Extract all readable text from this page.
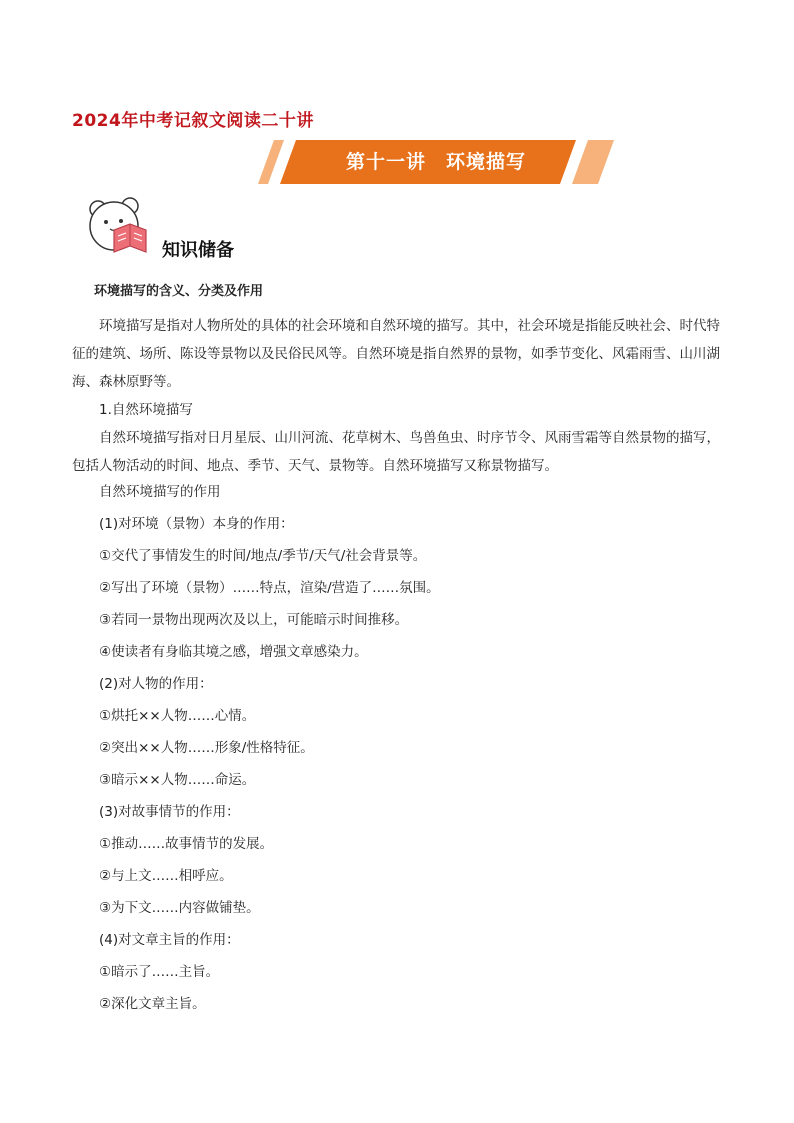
2024年中考记叙文阅读二十讲
第十一讲　环境描写
知识储备
环境描写的含义、分类及作用

环境描写是指对人物所处的具体的社会环境和自然环境的描写。其中，社会环境是指能反映社会、时代特征的建筑、场所、陈设等景物以及民俗民风等。自然环境是指自然界的景物，如季节变化、风霜雨雪、山川湖海、森林原野等。

1.自然环境描写

自然环境描写指对日月星辰、山川河流、花草树木、鸟兽鱼虫、时序节令、风雨雪霜等自然景物的描写，包括人物活动的时间、地点、季节、天气、景物等。自然环境描写又称景物描写。

自然环境描写的作用

(1)对环境（景物）本身的作用：

①交代了事情发生的时间/地点/季节/天气/社会背景等。

②写出了环境（景物）……特点，渲染/营造了……氛围。

③若同一景物出现两次及以上，可能暗示时间推移。

④使读者有身临其境之感，增强文章感染力。

(2)对人物的作用：

①烘托××人物……心情。

②突出××人物……形象/性格特征。

③暗示××人物……命运。

(3)对故事情节的作用：

①推动……故事情节的发展。

②与上文……相呼应。

③为下文……内容做铺垫。

(4)对文章主旨的作用：

①暗示了……主旨。

②深化文章主旨。
